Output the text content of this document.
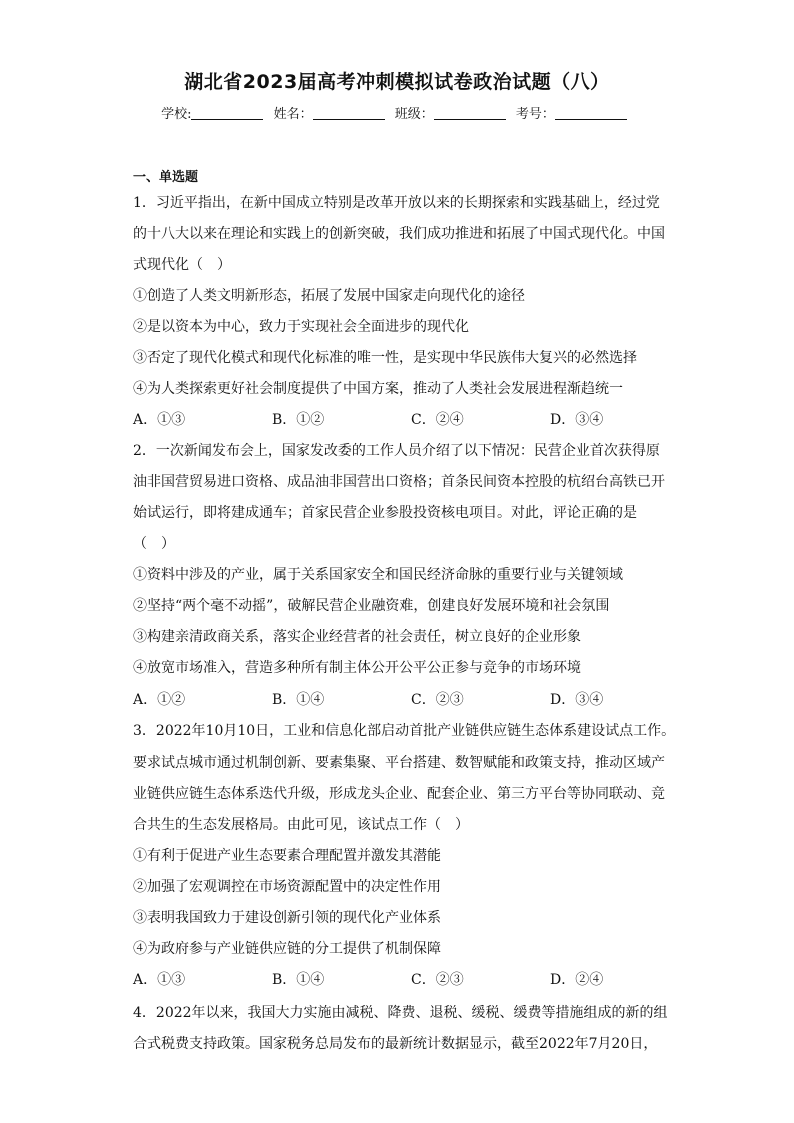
湖北省2023届高考冲刺模拟试卷政治试题（八）
学校:	姓名：	班级：	考号：
一、单选题
1．习近平指出，在新中国成立特别是改革开放以来的长期探索和实践基础上，经过党
的十八大以来在理论和实践上的创新突破，我们成功推进和拓展了中国式现代化。中国
式现代化（　）
①创造了人类文明新形态，拓展了发展中国家走向现代化的途径
②是以资本为中心，致力于实现社会全面进步的现代化
③否定了现代化模式和现代化标准的唯一性，是实现中华民族伟大复兴的必然选择
④为人类探索更好社会制度提供了中国方案，推动了人类社会发展进程渐趋统一
A．①③	B．①②	C．②④	D．③④
2．一次新闻发布会上，国家发改委的工作人员介绍了以下情况：民营企业首次获得原
油非国营贸易进口资格、成品油非国营出口资格；首条民间资本控股的杭绍台高铁已开
始试运行，即将建成通车；首家民营企业参股投资核电项目。对此，评论正确的是
（　）
①资料中涉及的产业，属于关系国家安全和国民经济命脉的重要行业与关键领域
②坚持“两个毫不动摇”，破解民营企业融资难，创建良好发展环境和社会氛围
③构建亲清政商关系，落实企业经营者的社会责任，树立良好的企业形象
④放宽市场准入，营造多种所有制主体公开公平公正参与竞争的市场环境
A．①②	B．①④	C．②③	D．③④
3．2022年10月10日，工业和信息化部启动首批产业链供应链生态体系建设试点工作。
要求试点城市通过机制创新、要素集聚、平台搭建、数智赋能和政策支持，推动区域产
业链供应链生态体系迭代升级，形成龙头企业、配套企业、第三方平台等协同联动、竞
合共生的生态发展格局。由此可见，该试点工作（　）
①有利于促进产业生态要素合理配置并激发其潜能
②加强了宏观调控在市场资源配置中的决定性作用
③表明我国致力于建设创新引领的现代化产业体系
④为政府参与产业链供应链的分工提供了机制保障
A．①③	B．①④	C．②③	D．②④
4．2022年以来，我国大力实施由减税、降费、退税、缓税、缓费等措施组成的新的组
合式税费支持政策。国家税务总局发布的最新统计数据显示，截至2022年7月20日，
